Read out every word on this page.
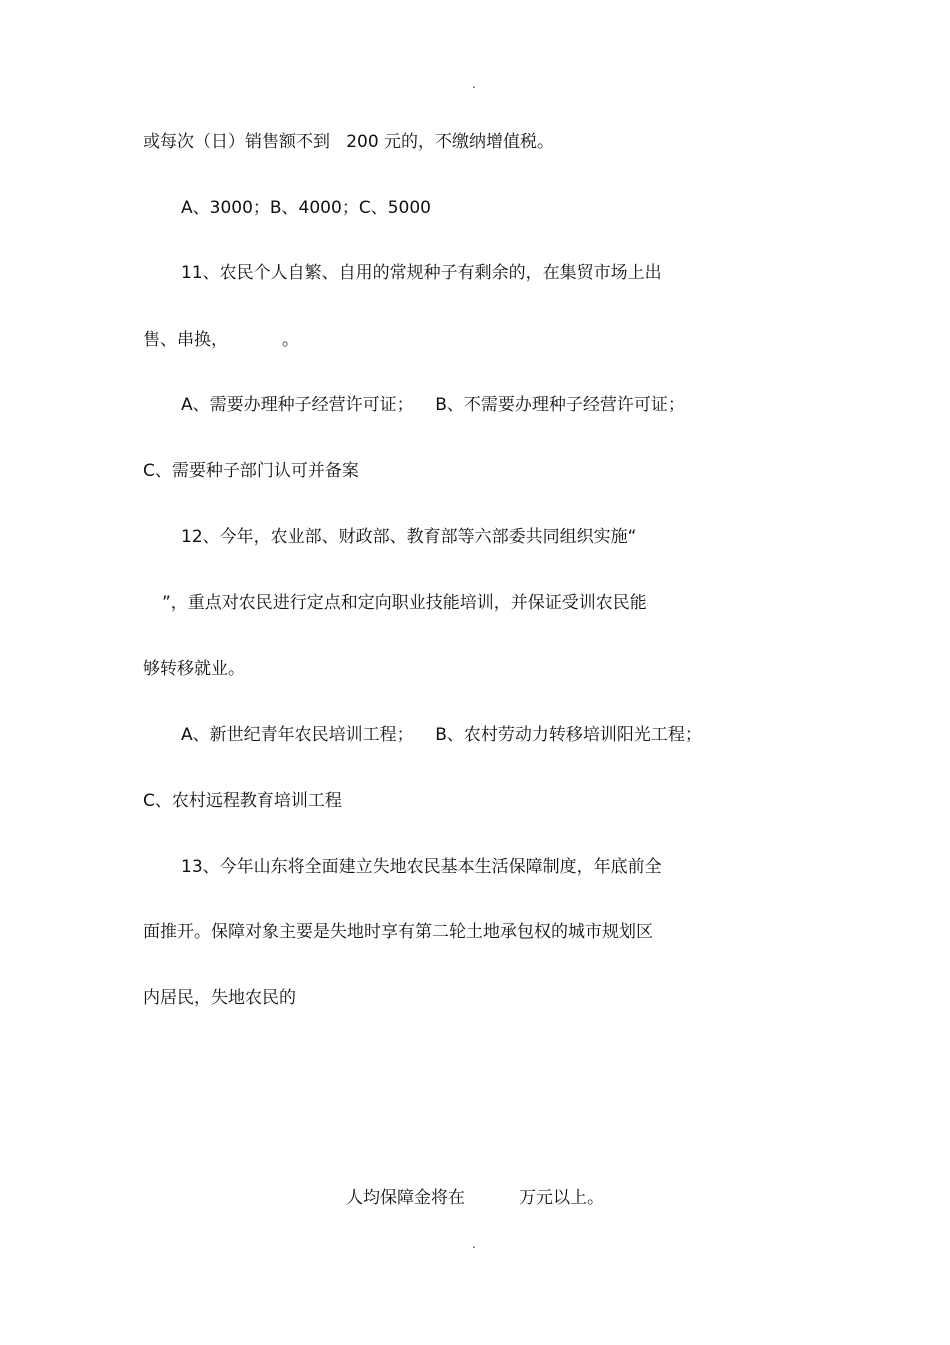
.
或每次（日）销售额不到   200 元的，不缴纳增值税。
A、3000；B、4000；C、5000
11、农民个人自繁、自用的常规种子有剩余的，在集贸市场上出
售、串换，          。
A、需要办理种子经营许可证；    B、不需要办理种子经营许可证；
C、需要种子部门认可并备案
12、今年，农业部、财政部、教育部等六部委共同组织实施“
”，重点对农民进行定点和定向职业技能培训，并保证受训农民能
够转移就业。
A、新世纪青年农民培训工程；    B、农村劳动力转移培训阳光工程；
C、农村远程教育培训工程
13、今年山东将全面建立失地农民基本生活保障制度，年底前全
面推开。保障对象主要是失地时享有第二轮土地承包权的城市规划区
内居民，失地农民的
人均保障金将在          万元以上。
.
